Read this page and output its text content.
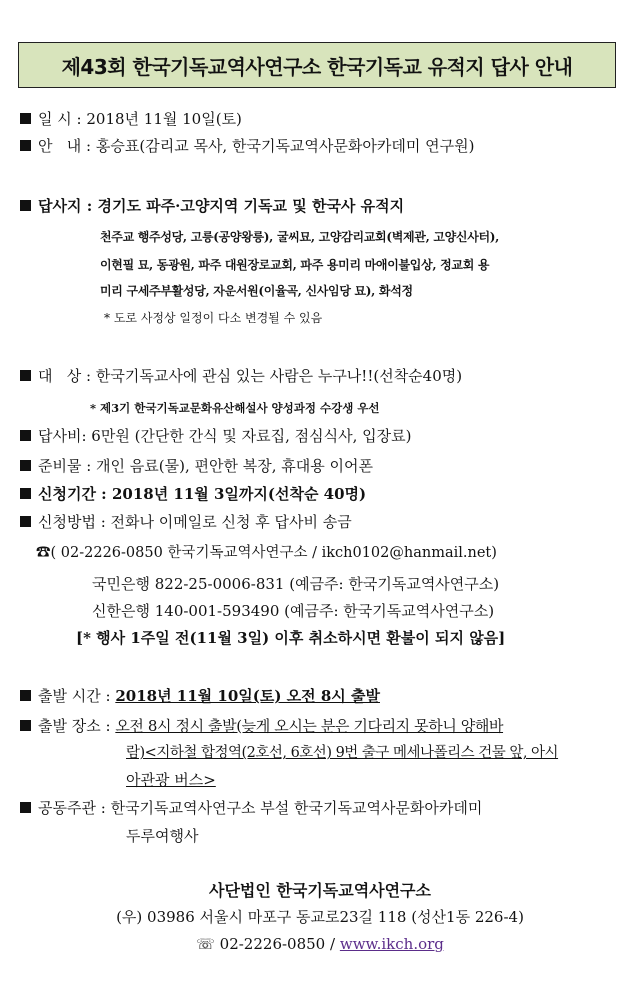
제43회 한국기독교역사연구소 한국기독교 유적지 답사 안내
일 시 : 2018년 11월 10일(토)
안   내 : 홍승표(감리교 목사, 한국기독교역사문화아카데미 연구원)
답사지 : 경기도 파주·고양지역 기독교 및 한국사 유적지
천주교 행주성당, 고릉(공양왕릉), 굴씨묘, 고양감리교회(벽제관, 고양신사터),
이현필 묘, 동광원, 파주 대원장로교회, 파주 용미리 마애이불입상, 정교회 용
미리 구세주부활성당, 자운서원(이율곡, 신사임당 묘), 화석정
* 도로 사정상 일정이 다소 변경될 수 있음
대   상 : 한국기독교사에 관심 있는 사람은 누구나!!(선착순40명)
* 제3기 한국기독교문화유산해설사 양성과정 수강생 우선
답사비: 6만원 (간단한 간식 및 자료집, 점심식사, 입장료)
준비물 : 개인 음료(물), 편안한 복장, 휴대용 이어폰
신청기간 : 2018년 11월 3일까지(선착순 40명)
신청방법 : 전화나 이메일로 신청 후 답사비 송금
☎( 02-2226-0850 한국기독교역사연구소 / ikch0102@hanmail.net)
국민은행 822-25-0006-831 (예금주: 한국기독교역사연구소)
신한은행 140-001-593490 (예금주: 한국기독교역사연구소)
[* 행사 1주일 전(11월 3일) 이후 취소하시면 환불이 되지 않음]
출발 시간 : 2018년 11월 10일(토) 오전 8시 출발
출발 장소 : 오전 8시 정시 출발(늦게 오시는 분은 기다리지 못하니 양해바
람)<지하철 합정역(2호선, 6호선) 9번 출구 메세나폴리스 건물 앞, 아시
아관광 버스>
공동주관 : 한국기독교역사연구소 부설 한국기독교역사문화아카데미
두루여행사
사단법인 한국기독교역사연구소
(우) 03986 서울시 마포구 동교로23길 118 (성산1동 226-4)
☏ 02-2226-0850 / www.ikch.org
